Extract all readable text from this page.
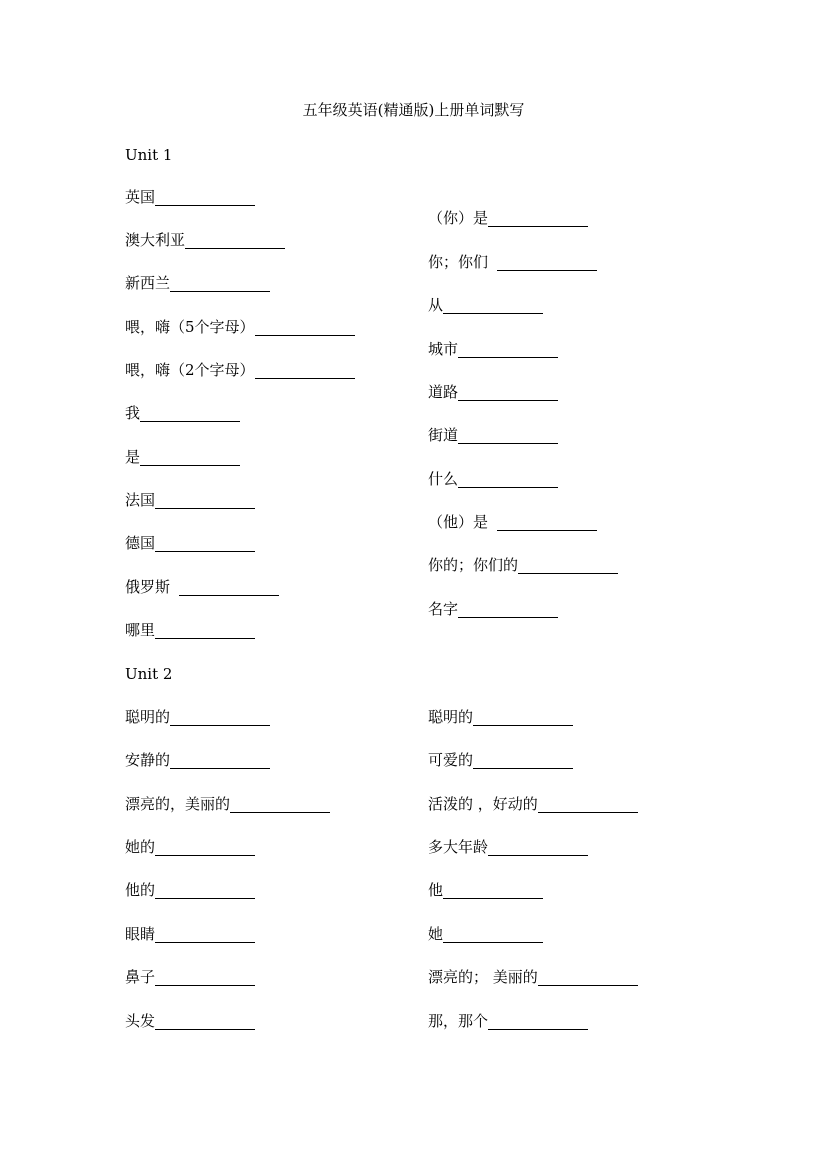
五年级英语(精通版)上册单词默写
Unit 1
英国
澳大利亚
新西兰
喂，嗨（5个字母）
喂，嗨（2个字母）
我
是
法国
德国
俄罗斯
哪里
（你）是
你；你们
从
城市
道路
街道
什么
（他）是
你的；你们的
名字
Unit 2
聪明的
安静的
漂亮的，美丽的
她的
他的
眼睛
鼻子
头发
聪明的
可爱的
活泼的 ，好动的
多大年龄
他
她
漂亮的； 美丽的
那，那个
